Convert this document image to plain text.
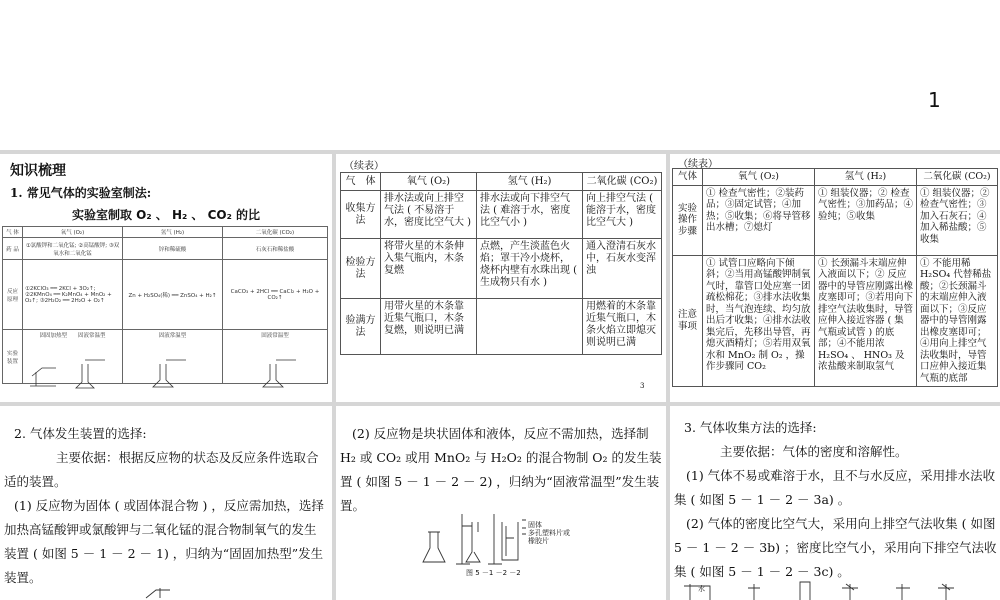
1
知识梳理
1. 常见气体的实验室制法:
实验室制取 O₂ 、 H₂ 、 CO₂ 的比
气 体	氧气 (O₂)	氢气 (H₂)	二氧化碳 (CO₂)
药 品	①氯酸钾和二氧化锰; ②高锰酸钾; ③双氧水和二氧化锰	锌和稀硫酸	石灰石和稀盐酸
反应原理	①2KClO₃ ══ 2KCl + 3O₂↑; ②2KMnO₄ ══ K₂MnO₄ + MnO₂ + O₂↑; ③2H₂O₂ ══ 2H₂O + O₂↑	Zn + H₂SO₄(稀) ══ ZnSO₄ + H₂↑	CaCO₃ + 2HCl ══ CaCl₂ + H₂O + CO₂↑
实验装置	固固加热型　　固液常温型	固液常温型	固液常温型
（续表）
气　体	氧气 (O₂)	氢气 (H₂)	二氧化碳 (CO₂)
收集方法	排水法或向上排空气法 ( 不易溶于水，密度比空气大 )	排水法或向下排空气法 ( 难溶于水，密度比空气小 )	向上排空气法 ( 能溶于水，密度比空气大 )
检验方法	将带火星的木条伸入集气瓶内，木条复燃	点燃，产生淡蓝色火焰；罩干冷小烧杯，烧杯内壁有水珠出现 ( 生成物只有水 )	通入澄清石灰水中，石灰水变浑浊
验满方法	用带火星的木条靠近集气瓶口，木条复燃，则说明已满		用燃着的木条靠近集气瓶口，木条火焰立即熄灭则说明已满
3
（续表）
气体	氧气 (O₂)	氢气 (H₂)	二氧化碳 (CO₂)
实验操作步骤	① 检查气密性；②装药品；③固定试管；④加热；⑤收集；⑥将导管移出水槽；⑦熄灯	① 组装仪器；② 检查气密性；③加药品；④验纯；⑤收集	① 组装仪器；② 检查气密性；③加入石灰石；④加入稀盐酸；⑤收集
注意事项	① 试管口应略向下倾斜；②当用高锰酸钾制氧气时，靠管口处应塞一团疏松棉花；③排水法收集时，当气泡连续、均匀放出后才收集；④排水法收集完后，先移出导管，再熄灭酒精灯；⑤若用双氧水和 MnO₂ 制 O₂ ，操作步骤同 CO₂	① 长颈漏斗末端应伸入液面以下；② 反应器中的导管应刚露出橡皮塞即可；③若用向下排空气法收集时，导管应伸入接近容器 ( 集气瓶或试管 ) 的底部；④不能用浓 H₂SO₄ 、 HNO₃ 及浓盐酸来制取氢气	① 不能用稀 H₂SO₄ 代替稀盐酸；②长颈漏斗的末端应伸入液面以下；③反应器中的导管刚露出橡皮塞即可；④用向上排空气法收集时，导管口应伸入接近集气瓶的底部
2. 气体发生装置的选择:
主要依据：根据反应物的状态及反应条件选取合适的装置。
(1) 反应物为固体 ( 或固体混合物 ) ，反应需加热，选择加热高锰酸钾或氯酸钾与二氧化锰的混合物制氧气的发生装置 ( 如图 5 － 1 － 2 － 1) ，归纳为“固固加热型”发生装置。
(2) 反应物是块状固体和液体，反应不需加热，选择制 H₂ 或 CO₂ 或用 MnO₂ 与 H₂O₂ 的混合物制 O₂ 的发生装置 ( 如图 5 － 1 － 2 － 2) ，归纳为“固液常温型”发生装置。
固体
多孔塑料片或
橡胶片
图 5 －1 －2 －2
3. 气体收集方法的选择:
主要依据：气体的密度和溶解性。
(1) 气体不易或难溶于水，且不与水反应，采用排水法收集 ( 如图 5 － 1 － 2 － 3a) 。
(2) 气体的密度比空气大，采用向上排空气法收集 ( 如图 5 － 1 － 2 － 3b) ；密度比空气小，采用向下排空气法收集 ( 如图 5 － 1 － 2 － 3c) 。
水
